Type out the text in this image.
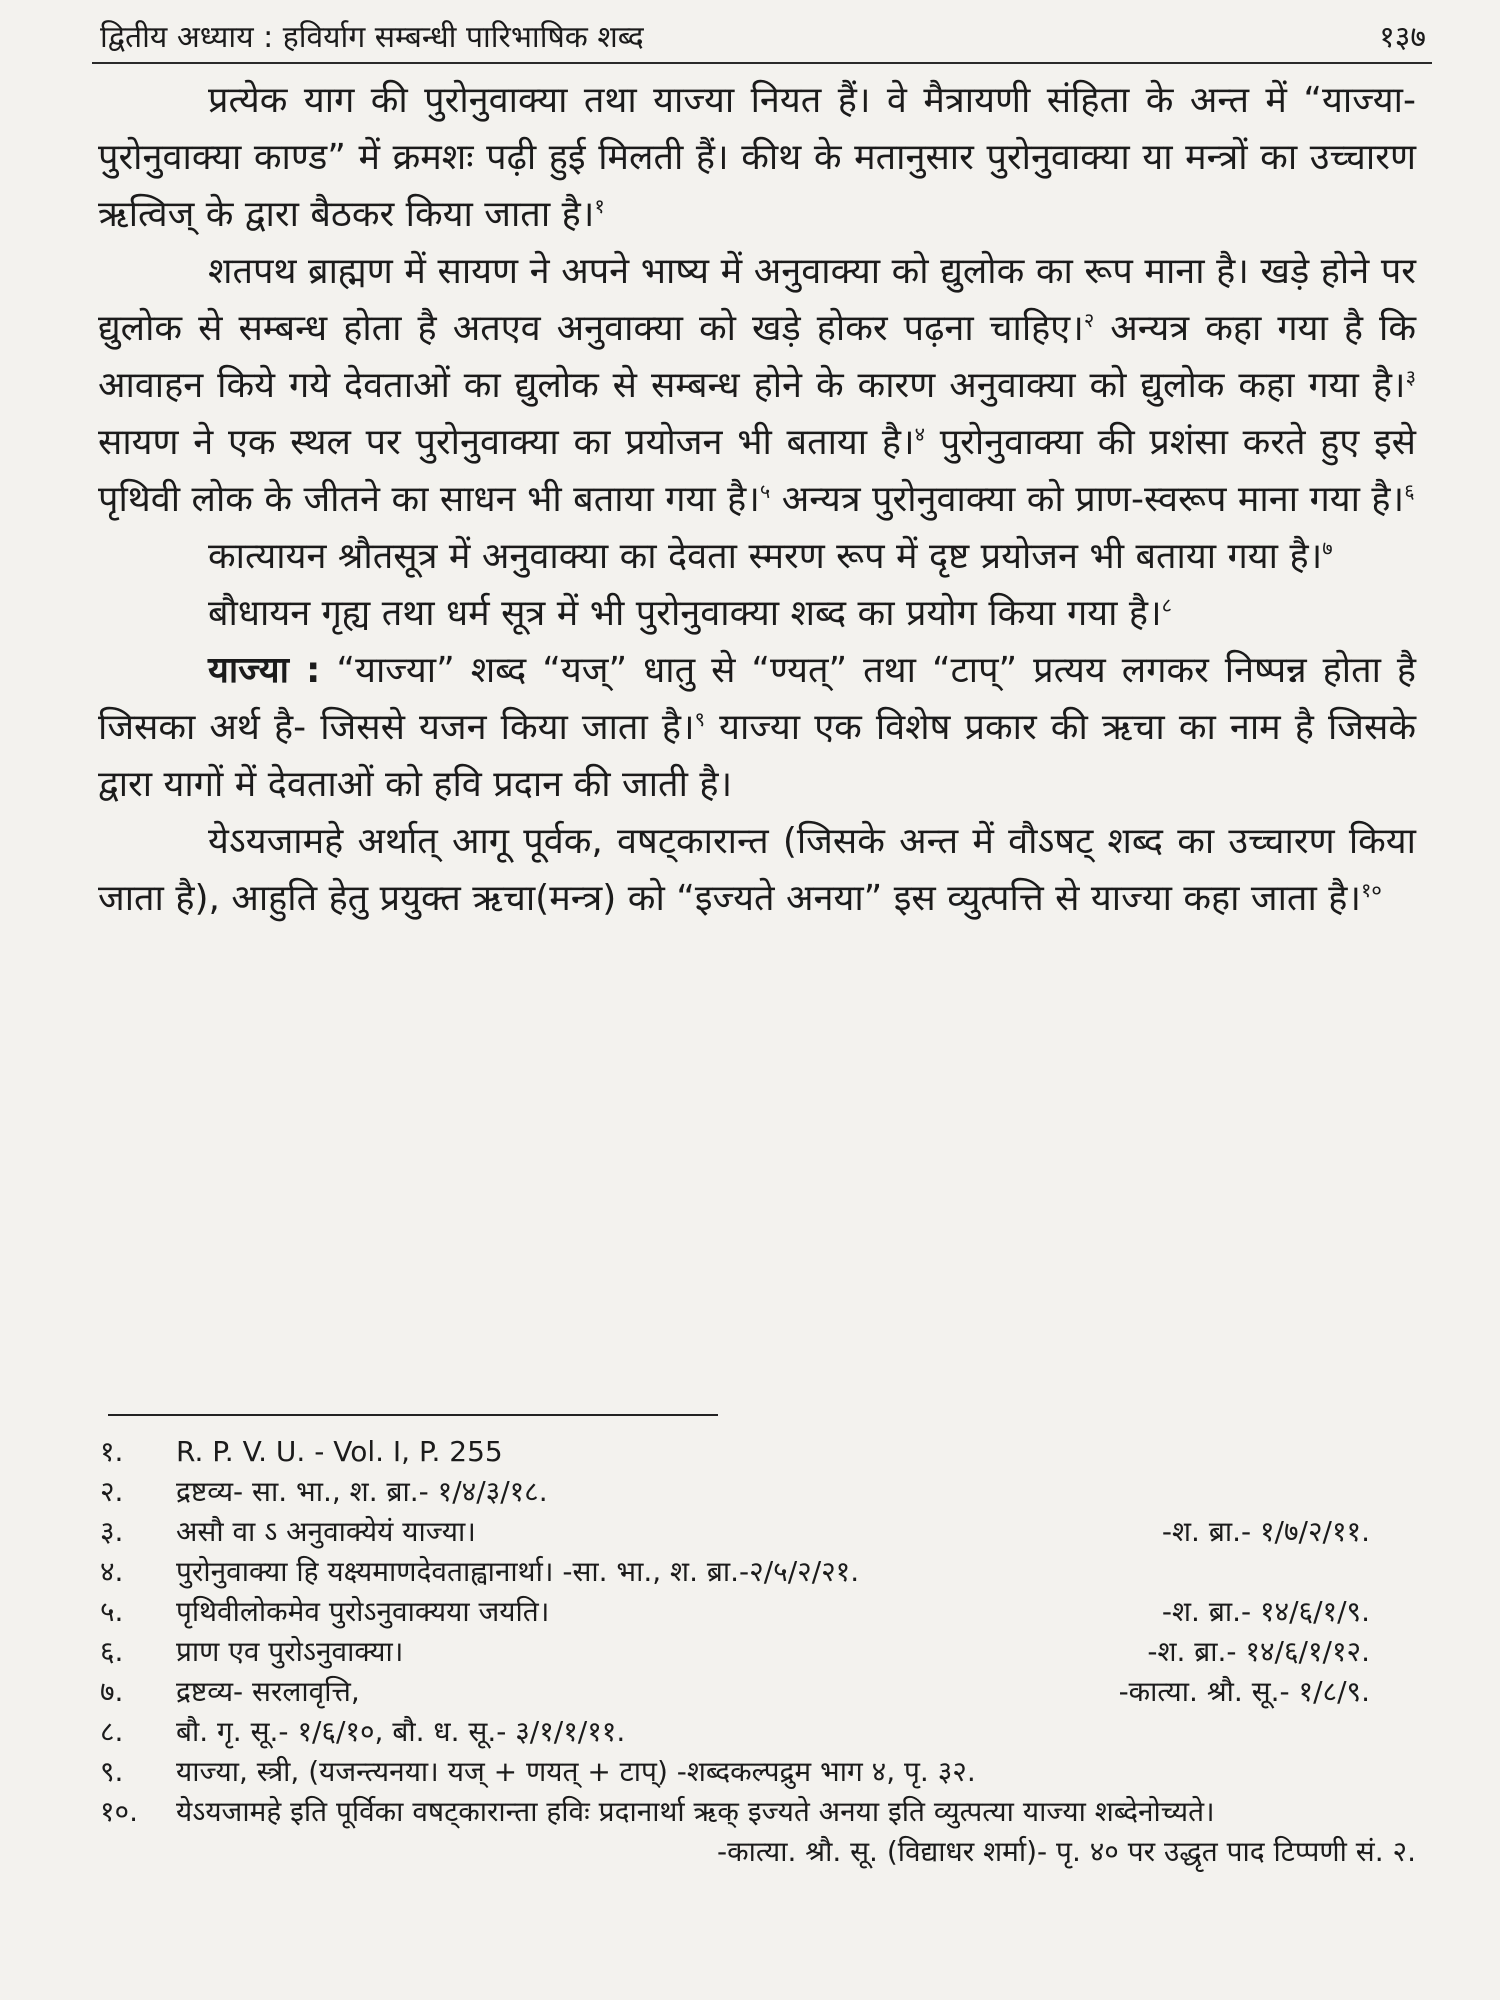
द्वितीय अध्याय : हविर्याग सम्बन्धी पारिभाषिक शब्द	१३७

प्रत्येक याग की पुरोनुवाक्या तथा याज्या नियत हैं। वे मैत्रायणी संहिता के अन्त में “याज्या-पुरोनुवाक्या काण्ड” में क्रमशः पढ़ी हुई मिलती हैं। कीथ के मतानुसार पुरोनुवाक्या या मन्त्रों का उच्चारण ऋत्विज् के द्वारा बैठकर किया जाता है।$^१$

शतपथ ब्राह्मण में सायण ने अपने भाष्य में अनुवाक्या को द्युलोक का रूप माना है। खड़े होने पर द्युलोक से सम्बन्ध होता है अतएव अनुवाक्या को खड़े होकर पढ़ना चाहिए।$^२$ अन्यत्र कहा गया है कि आवाहन किये गये देवताओं का द्युलोक से सम्बन्ध होने के कारण अनुवाक्या को द्युलोक कहा गया है।$^३$ सायण ने एक स्थल पर पुरोनुवाक्या का प्रयोजन भी बताया है।$^४$ पुरोनुवाक्या की प्रशंसा करते हुए इसे पृथिवी लोक के जीतने का साधन भी बताया गया है।$^५$ अन्यत्र पुरोनुवाक्या को प्राण-स्वरूप माना गया है।$^६$

कात्यायन श्रौतसूत्र में अनुवाक्या का देवता स्मरण रूप में दृष्ट प्रयोजन भी बताया गया है।$^७$

बौधायन गृह्य तथा धर्म सूत्र में भी पुरोनुवाक्या शब्द का प्रयोग किया गया है।$^८$

याज्या : “याज्या” शब्द “यज्” धातु से “ण्यत्” तथा “टाप्” प्रत्यय लगकर निष्पन्न होता है जिसका अर्थ है- जिससे यजन किया जाता है।$^९$ याज्या एक विशेष प्रकार की ऋचा का नाम है जिसके द्वारा यागों में देवताओं को हवि प्रदान की जाती है।

येऽयजामहे अर्थात् आगू पूर्वक, वषट्कारान्त (जिसके अन्त में वौऽषट् शब्द का उच्चारण किया जाता है), आहुति हेतु प्रयुक्त ऋचा(मन्त्र) को “इज्यते अनया” इस व्युत्पत्ति से याज्या कहा जाता है।$^{१०}$

१.	R. P. V. U. - Vol. I, P. 255
२.	द्रष्टव्य- सा. भा., श. ब्रा.- १/४/३/१८.
३.	असौ वा ऽ अनुवाक्येयं याज्या।	-श. ब्रा.- १/७/२/११.
४.	पुरोनुवाक्या हि यक्ष्यमाणदेवताह्वानार्था। -सा. भा., श. ब्रा.-२/५/२/२१.
५.	पृथिवीलोकमेव पुरोऽनुवाक्यया जयति।	-श. ब्रा.- १४/६/१/९.
६.	प्राण एव पुरोऽनुवाक्या।	-श. ब्रा.- १४/६/१/१२.
७.	द्रष्टव्य- सरलावृत्ति,	-कात्या. श्रौ. सू.- १/८/९.
८.	बौ. गृ. सू.- १/६/१०, बौ. ध. सू.- ३/१/१/११.
९.	याज्या, स्त्री, (यजन्त्यनया। यज् + णयत् + टाप्) -शब्दकल्पद्रुम भाग ४, पृ. ३२.
१०.	येऽयजामहे इति पूर्विका वषट्कारान्ता हविः प्रदानार्था ऋक् इज्यते अनया इति व्युत्पत्या याज्या शब्देनोच्यते।
-कात्या. श्रौ. सू. (विद्याधर शर्मा)- पृ. ४० पर उद्धृत पाद टिप्पणी सं. २.
